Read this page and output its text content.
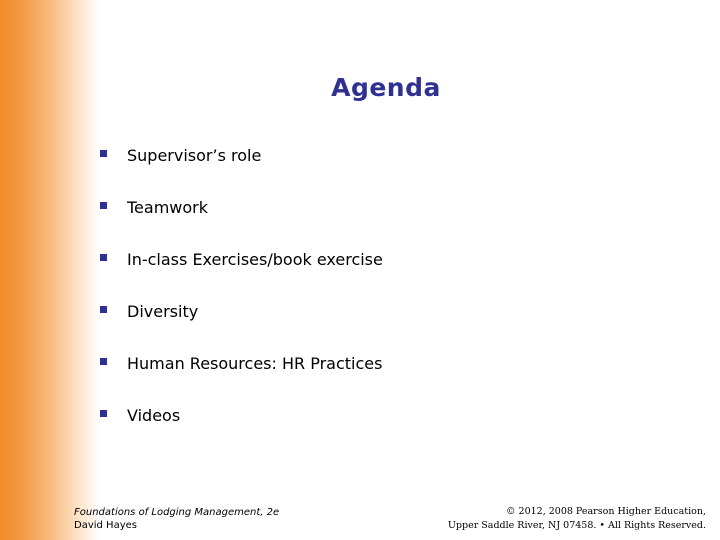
Agenda
Supervisor’s role
Teamwork
In-class Exercises/book exercise
Diversity
Human Resources: HR Practices
Videos
Foundations of Lodging Management, 2e
David Hayes
© 2012, 2008 Pearson Higher Education,
Upper Saddle River, NJ 07458. • All Rights Reserved.
